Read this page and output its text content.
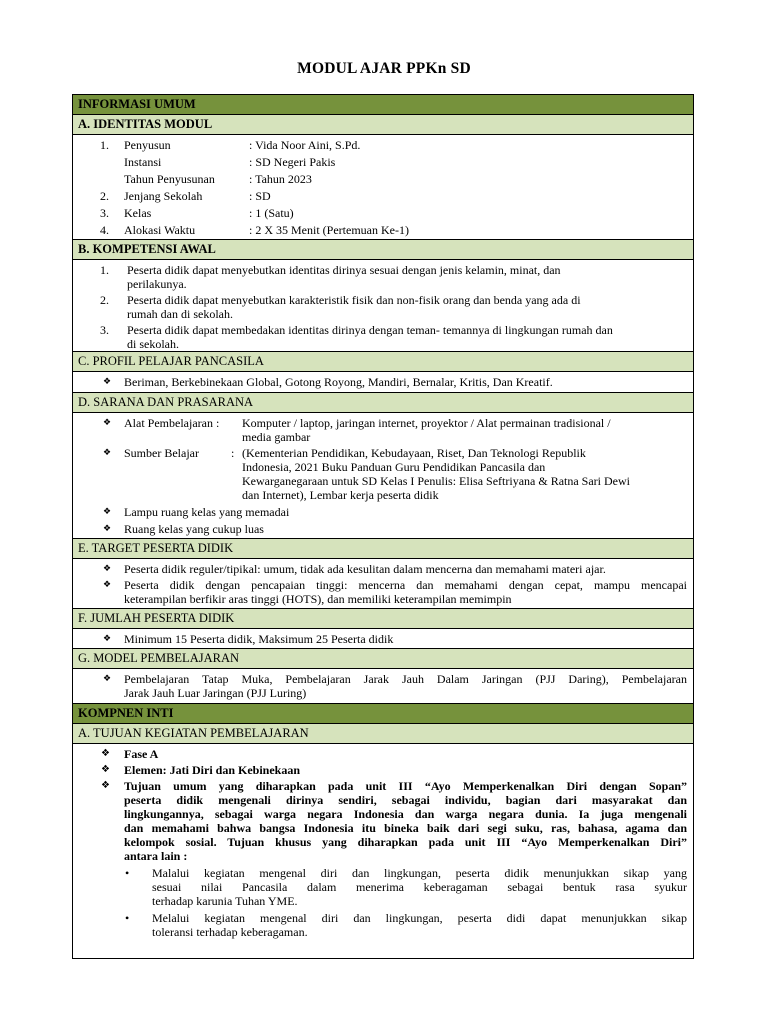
MODUL AJAR PPKn SD
INFORMASI UMUM
A. IDENTITAS MODUL
1. Penyusun	: Vida Noor Aini, S.Pd.
Instansi	: SD Negeri Pakis
Tahun Penyusunan	: Tahun 2023
2. Jenjang Sekolah	: SD
3. Kelas	: 1 (Satu)
4. Alokasi Waktu	: 2 X 35 Menit (Pertemuan Ke-1)
B. KOMPETENSI AWAL
1. Peserta didik dapat menyebutkan identitas dirinya sesuai dengan jenis kelamin, minat, dan
perilakunya.
2. Peserta didik dapat menyebutkan karakteristik fisik dan non-fisik orang dan benda yang ada di
rumah dan di sekolah.
3. Peserta didik dapat membedakan identitas dirinya dengan teman- temannya di lingkungan rumah dan
di sekolah.
C. PROFIL PELAJAR PANCASILA
❖ Beriman, Berkebinekaan Global, Gotong Royong, Mandiri, Bernalar, Kritis, Dan Kreatif.
D. SARANA DAN PRASARANA
❖ Alat Pembelajaran : Komputer / laptop, jaringan internet, proyektor / Alat permainan tradisional /
media gambar
❖ Sumber Belajar	: (Kementerian Pendidikan, Kebudayaan, Riset, Dan Teknologi Republik
Indonesia, 2021 Buku Panduan Guru Pendidikan Pancasila dan
Kewarganegaraan untuk SD Kelas I Penulis: Elisa Seftriyana & Ratna Sari Dewi
dan Internet), Lembar kerja peserta didik
❖ Lampu ruang kelas yang memadai
❖ Ruang kelas yang cukup luas
E. TARGET PESERTA DIDIK
❖ Peserta didik reguler/tipikal: umum, tidak ada kesulitan dalam mencerna dan memahami materi ajar.
❖ Peserta didik dengan pencapaian tinggi: mencerna dan memahami dengan cepat, mampu mencapai
keterampilan berfikir aras tinggi (HOTS), dan memiliki keterampilan memimpin
F. JUMLAH PESERTA DIDIK
❖ Minimum 15 Peserta didik, Maksimum 25 Peserta didik
G. MODEL PEMBELAJARAN
❖ Pembelajaran Tatap Muka, Pembelajaran Jarak Jauh Dalam Jaringan (PJJ Daring), Pembelajaran
Jarak Jauh Luar Jaringan (PJJ Luring)
KOMPNEN INTI
A. TUJUAN KEGIATAN PEMBELAJARAN
❖ Fase A
❖ Elemen: Jati Diri dan Kebinekaan
❖ Tujuan umum yang diharapkan pada unit III “Ayo Memperkenalkan Diri dengan Sopan”
peserta didik mengenali dirinya sendiri, sebagai individu, bagian dari masyarakat dan
lingkungannya, sebagai warga negara Indonesia dan warga negara dunia. Ia juga mengenali
dan memahami bahwa bangsa Indonesia itu bineka baik dari segi suku, ras, bahasa, agama dan
kelompok sosial. Tujuan khusus yang diharapkan pada unit III “Ayo Memperkenalkan Diri”
antara lain :
• Malalui kegiatan mengenal diri dan lingkungan, peserta didik menunjukkan sikap yang
sesuai nilai Pancasila dalam menerima keberagaman sebagai bentuk rasa syukur
terhadap karunia Tuhan YME.
• Melalui kegiatan mengenal diri dan lingkungan, peserta didi dapat menunjukkan sikap
toleransi terhadap keberagaman.
